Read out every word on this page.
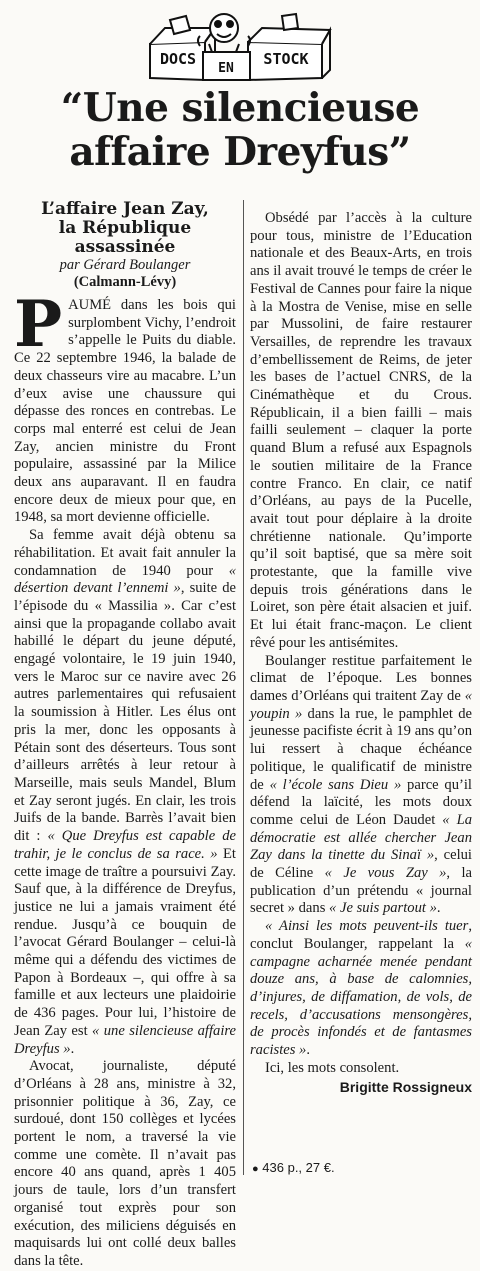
DOCS
EN
STOCK
“Une silencieuse
affaire Dreyfus”
L’affaire Jean Zay,
la République
assassinée
par Gérard Boulanger
(Calmann-Lévy)

PAUMÉ dans les bois qui surplombent Vichy, l’endroit s’appelle le Puits du diable. Ce 22 septembre 1946, la balade de deux chasseurs vire au macabre. L’un d’eux avise une chaussure qui dépasse des ronces en contrebas. Le corps mal enterré est celui de Jean Zay, ancien ministre du Front populaire, assassiné par la Milice deux ans auparavant. Il en faudra encore deux de mieux pour que, en 1948, sa mort devienne officielle.

Sa femme avait déjà obtenu sa réhabilitation. Et avait fait annuler la condamnation de 1940 pour « désertion devant l’ennemi », suite de l’épisode du « Massilia ». Car c’est ainsi que la propagande collabo avait habillé le départ du jeune député, engagé volontaire, le 19 juin 1940, vers le Maroc sur ce navire avec 26 autres parlementaires qui refusaient la soumission à Hitler. Les élus ont pris la mer, donc les opposants à Pétain sont des déserteurs. Tous sont d’ailleurs arrêtés à leur retour à Marseille, mais seuls Mandel, Blum et Zay seront jugés. En clair, les trois Juifs de la bande. Barrès l’avait bien dit : « Que Dreyfus est capable de trahir, je le conclus de sa race. » Et cette image de traître a poursuivi Zay. Sauf que, à la différence de Dreyfus, justice ne lui a jamais vraiment été rendue. Jusqu’à ce bouquin de l’avocat Gérard Boulanger – celui-là même qui a défendu des victimes de Papon à Bordeaux –, qui offre à sa famille et aux lecteurs une plaidoirie de 436 pages. Pour lui, l’histoire de Jean Zay est « une silencieuse affaire Dreyfus ».

Avocat, journaliste, député d’Orléans à 28 ans, ministre à 32, prisonnier politique à 36, Zay, ce surdoué, dont 150 collèges et lycées portent le nom, a traversé la vie comme une comète. Il n’avait pas encore 40 ans quand, après 1 405 jours de taule, lors d’un transfert organisé tout exprès pour son exécution, des miliciens déguisés en maquisards lui ont collé deux balles dans la tête.

Obsédé par l’accès à la culture pour tous, ministre de l’Education nationale et des Beaux-Arts, en trois ans il avait trouvé le temps de créer le Festival de Cannes pour faire la nique à la Mostra de Venise, mise en selle par Mussolini, de faire restaurer Versailles, de reprendre les travaux d’embellissement de Reims, de jeter les bases de l’actuel CNRS, de la Cinémathèque et du Crous. Républicain, il a bien failli – mais failli seulement – claquer la porte quand Blum a refusé aux Espagnols le soutien militaire de la France contre Franco. En clair, ce natif d’Orléans, au pays de la Pucelle, avait tout pour déplaire à la droite chrétienne nationale. Qu’importe qu’il soit baptisé, que sa mère soit protestante, que la famille vive depuis trois générations dans le Loiret, son père était alsacien et juif. Et lui était franc-maçon. Le client rêvé pour les antisémites.

Boulanger restitue parfaitement le climat de l’époque. Les bonnes dames d’Orléans qui traitent Zay de « youpin » dans la rue, le pamphlet de jeunesse pacifiste écrit à 19 ans qu’on lui ressert à chaque échéance politique, le qualificatif de ministre de « l’école sans Dieu » parce qu’il défend la laïcité, les mots doux comme celui de Léon Daudet « La démocratie est allée chercher Jean Zay dans la tinette du Sinaï », celui de Céline « Je vous Zay », la publication d’un prétendu « journal secret » dans « Je suis partout ».

« Ainsi les mots peuvent-ils tuer, conclut Boulanger, rappelant la « campagne acharnée menée pendant douze ans, à base de calomnies, d’injures, de diffamation, de vols, de recels, d’accusations mensongères, de procès infondés et de fantasmes racistes ».

Ici, les mots consolent.

Brigitte Rossigneux
● 436 p., 27 €.
